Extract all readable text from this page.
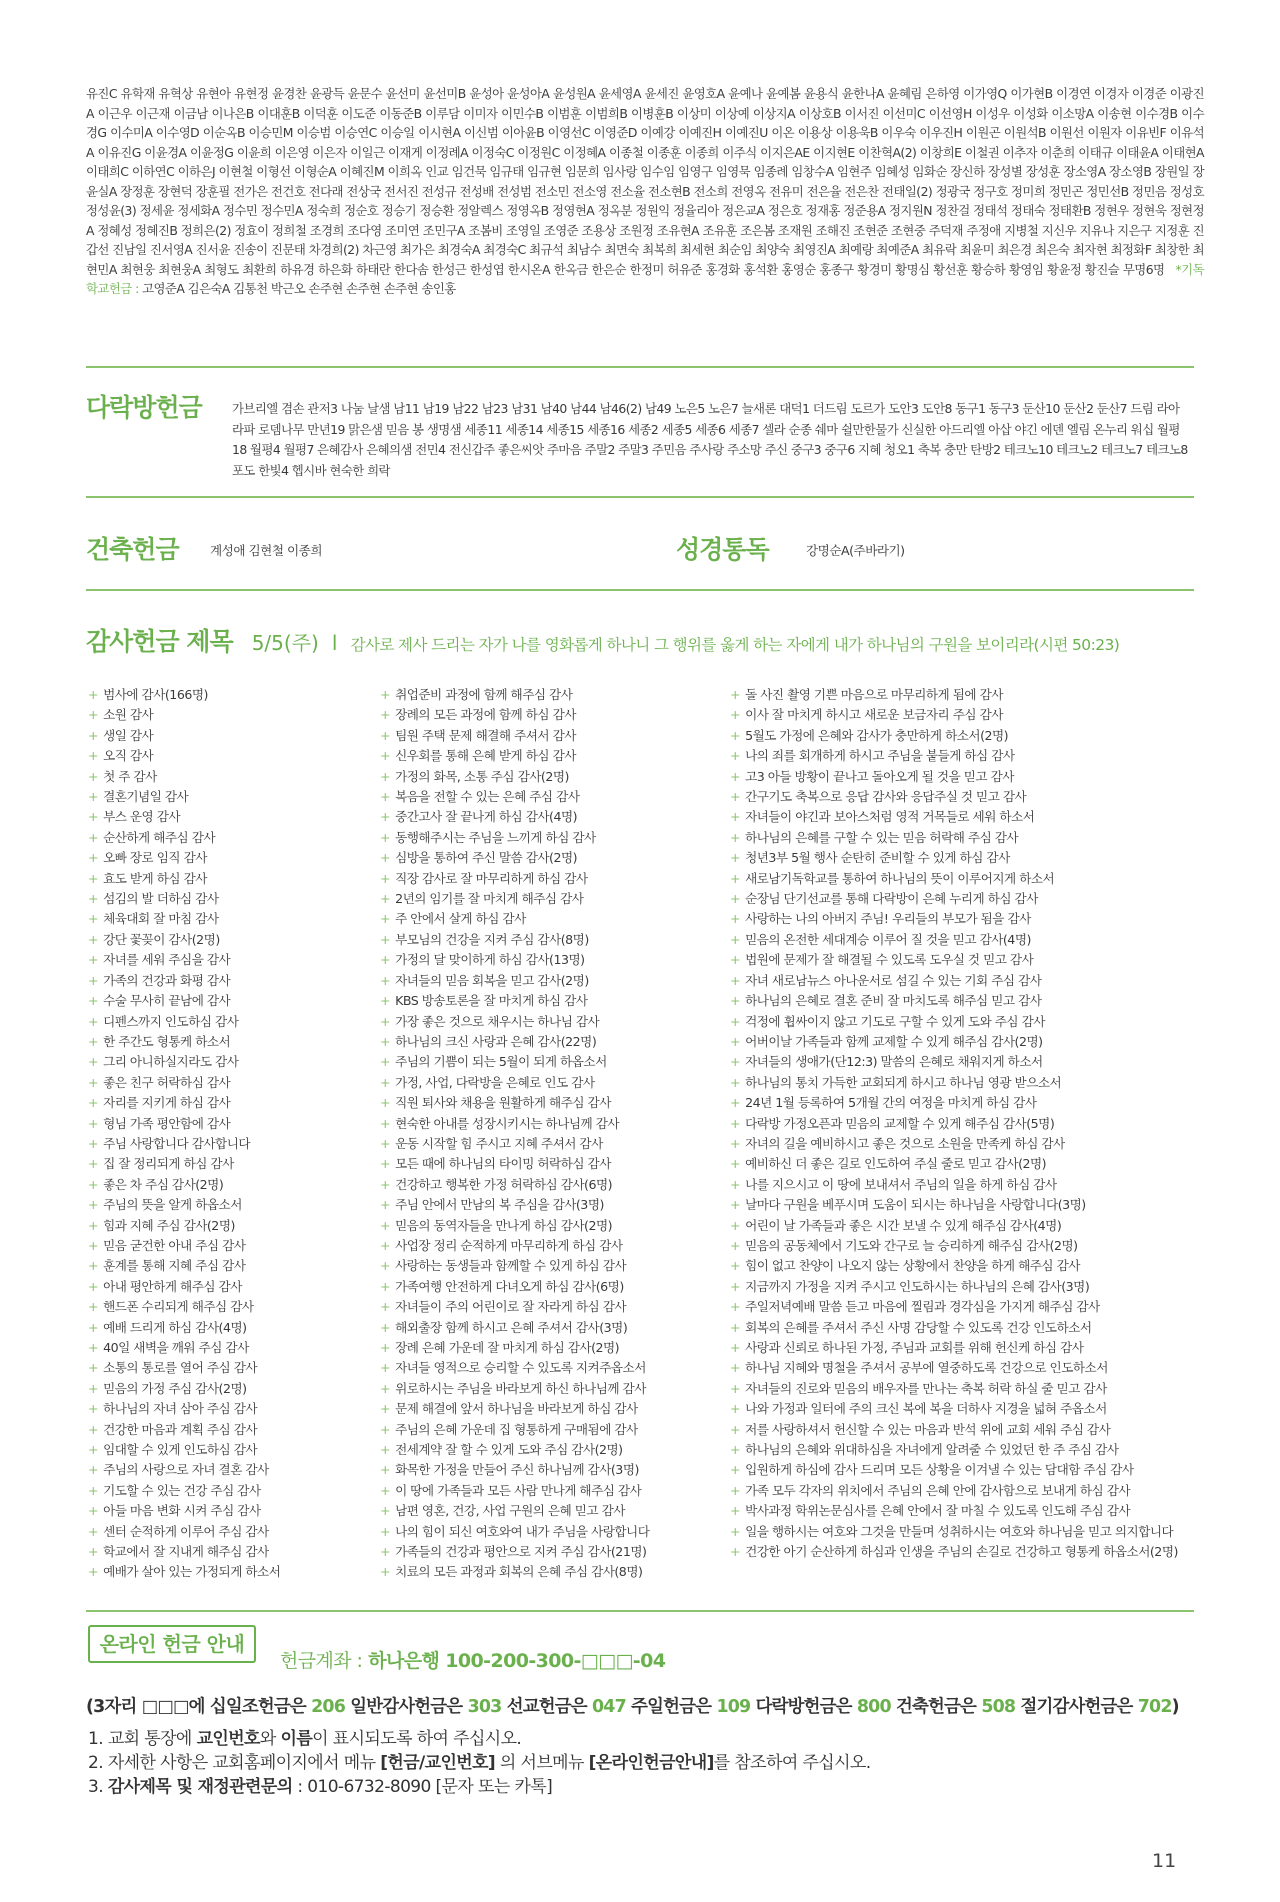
유진C 유학재 유혁상 유현아 유현정 윤경찬 윤광득 윤문수 윤선미 윤선미B 윤성아 윤성아A 윤성원A 윤세영A 윤세진 윤영호A 윤예나 윤예봄 윤용식 윤한나A 윤혜림 은하영 이가영Q 이가현B 이경연 이경자 이경준 이광진A 이근우 이근재 이금남 이나은B 이대훈B 이덕훈 이도준 이동준B 이루담 이미자 이민수B 이범훈 이범희B 이병훈B 이상미 이상예 이상지A 이상호B 이서진 이선미C 이선영H 이성우 이성화 이소망A 이송현 이수경B 이수경G 이수미A 이수영D 이순옥B 이승민M 이승범 이승연C 이승일 이시현A 이신범 이아윤B 이영선C 이영준D 이예강 이예진H 이예진U 이온 이용상 이용욱B 이우숙 이우진H 이원곤 이원석B 이원선 이원자 이유빈F 이유석A 이유진G 이윤경A 이윤정G 이윤희 이은영 이은자 이일근 이재게 이정례A 이정숙C 이정원C 이정혜A 이종철 이종훈 이종희 이주식 이지은AE 이지현E 이찬혁A(2) 이창희E 이철권 이추자 이춘희 이태규 이태윤A 이태현A 이태희C 이하연C 이하은J 이현철 이형선 이형순A 이혜진M 이희옥 인교 임건묵 임규태 임규현 임문희 임사랑 임수임 임영구 임영묵 임종례 임창수A 임현주 임혜성 임화순 장신하 장성별 장성훈 장소영A 장소영B 장원일 장윤실A 장정훈 장현덕 장훈필 전가은 전건호 전다래 전상국 전서진 전성규 전성배 전성범 전소민 전소영 전소율 전소현B 전소희 전영옥 전유미 전은율 전은찬 전태일(2) 정광국 정구호 정미희 정민곤 정민선B 정민음 정성호 정성윤(3) 정세윤 정세화A 정수민 정수민A 정숙희 정순호 정승기 정승환 정알렉스 정영옥B 정영현A 정옥분 정원익 정율리아 정은교A 정은호 정재홍 정준용A 정지원N 정찬걸 정태석 정태숙 정태환B 정현우 정현욱 정현정A 정혜성 정혜진B 정희은(2) 정효이 정희철 조경희 조다영 조미연 조민구A 조봄비 조영일 조영준 조용상 조원정 조유현A 조유훈 조은봄 조재원 조해진 조현준 조현중 주덕재 주정애 지병철 지신우 지유나 지은구 지정훈 진갑선 진남일 진서영A 진서윤 진송이 진문태 차경희(2) 차근영 최가은 최경숙A 최경숙C 최규석 최남수 최면숙 최복희 최세현 최순임 최양숙 최영진A 최예랑 최예준A 최유락 최윤미 최은경 최은숙 최자현 최정화F 최창한 최현민A 최현웅 최현웅A 최형도 최환희 하유경 하은화 하태란 한다솜 한성근 한성엽 한시온A 한옥금 한은순 한정미 허유준 홍경화 홍석환 홍영순 홍종구 황경미 황명심 황선훈 황승하 황영임 황윤정 황진슬 무명6명 *기독학교헌금 : 고영준A 김은숙A 김통천 박근오 손주현 손주현 손주현 송인홍
다락방헌금 가브리엘 겸손 관저3 나눔 날샘 남11 남19 남22 남23 남31 남40 남44 남46(2) 남49 노은5 노은7 늘새론 대덕1 더드림 도르가 도안3 도안8 동구1 동구3 둔산10 둔산2 둔산7 드림 라아 라파 로뎀나무 만년19 맑은샘 믿음 봉 생명샘 세종11 세종14 세종15 세종16 세종2 세종5 세종6 세종7 셀라 순종 쉐마 쉴만한물가 신실한 아드리엘 아삽 야긴 에덴 엘림 온누리 워십 월평18 월평4 월평7 은혜감사 은혜의샘 전민4 전신갑주 좋은씨앗 주마음 주말2 주말3 주민음 주사랑 주소망 주신 중구3 중구6 지혜 청오1 축복 충만 탄방2 테크노10 테크노2 테크노7 테크노8 포도 한빛4 헵시바 현숙한 희락
건축헌금 계성애 김현철 이종희	성경통독	강명순A(주바라기)
감사헌금 제목 5/5(주) l 감사로 제사 드리는 자가 나를 영화롭게 하나니 그 행위를 옳게 하는 자에게 내가 하나님의 구원을 보이리라(시편 50:23)
+ 범사에 감사(166명)
+ 소원 감사
+ 생일 감사
+ 오직 감사
+ 첫 주 감사
+ 결혼기념일 감사
+ 부스 운영 감사
+ 순산하게 해주심 감사
+ 오빠 장로 임직 감사
+ 효도 받게 하심 감사
+ 섬김의 발 더하심 감사
+ 체육대회 잘 마침 감사
+ 강단 꽃꽂이 감사(2명)
+ 자녀를 세워 주심을 감사
+ 가족의 건강과 화평 감사
+ 수술 무사히 끝남에 감사
+ 디펜스까지 인도하심 감사
+ 한 주간도 형통케 하소서
+ 그리 아니하실지라도 감사
+ 좋은 친구 허락하심 감사
+ 자리를 지키게 하심 감사
+ 형님 가족 평안함에 감사
+ 주님 사랑합니다 감사합니다
+ 집 잘 정리되게 하심 감사
+ 좋은 차 주심 감사(2명)
+ 주님의 뜻을 알게 하옵소서
+ 힘과 지혜 주심 감사(2명)
+ 믿음 굳건한 아내 주심 감사
+ 훈계를 통해 지혜 주심 감사
+ 아내 평안하게 해주심 감사
+ 핸드폰 수리되게 해주심 감사
+ 예배 드리게 하심 감사(4명)
+ 40일 새벽을 깨워 주심 감사
+ 소통의 통로를 열어 주심 감사
+ 믿음의 가정 주심 감사(2명)
+ 하나님의 자녀 삼아 주심 감사
+ 건강한 마음과 계획 주심 감사
+ 임대할 수 있게 인도하심 감사
+ 주님의 사랑으로 자녀 결혼 감사
+ 기도할 수 있는 건강 주심 감사
+ 아들 마음 변화 시켜 주심 감사
+ 센터 순적하게 이루어 주심 감사
+ 학교에서 잘 지내게 해주심 감사
+ 예배가 살아 있는 가정되게 하소서
+ 취업준비 과정에 함께 해주심 감사
+ 장례의 모든 과정에 함께 하심 감사
+ 팀원 주택 문제 해결해 주셔서 감사
+ 신우회를 통해 은혜 받게 하심 감사
+ 가정의 화목, 소통 주심 감사(2명)
+ 복음을 전할 수 있는 은혜 주심 감사
+ 중간고사 잘 끝나게 하심 감사(4명)
+ 동행해주시는 주님을 느끼게 하심 감사
+ 심방을 통하여 주신 말씀 감사(2명)
+ 직장 감사로 잘 마무리하게 하심 감사
+ 2년의 임기를 잘 마치게 해주심 감사
+ 주 안에서 살게 하심 감사
+ 부모님의 건강을 지켜 주심 감사(8명)
+ 가정의 달 맞이하게 하심 감사(13명)
+ 자녀들의 믿음 회복을 믿고 감사(2명)
+ KBS 방송토론을 잘 마치게 하심 감사
+ 가장 좋은 것으로 채우시는 하나님 감사
+ 하나님의 크신 사랑과 은혜 감사(22명)
+ 주님의 기쁨이 되는 5월이 되게 하옵소서
+ 가정, 사업, 다락방을 은혜로 인도 감사
+ 직원 퇴사와 채용을 원활하게 해주심 감사
+ 현숙한 아내를 성장시키시는 하나님께 감사
+ 운동 시작할 힘 주시고 지혜 주셔서 감사
+ 모든 때에 하나님의 타이밍 허락하심 감사
+ 건강하고 행복한 가정 허락하심 감사(6명)
+ 주님 안에서 만남의 복 주심을 감사(3명)
+ 믿음의 동역자들을 만나게 하심 감사(2명)
+ 사업장 정리 순적하게 마무리하게 하심 감사
+ 사랑하는 동생들과 함께할 수 있게 하심 감사
+ 가족여행 안전하게 다녀오게 하심 감사(6명)
+ 자녀들이 주의 어린이로 잘 자라게 하심 감사
+ 해외출장 함께 하시고 은혜 주셔서 감사(3명)
+ 장례 은혜 가운데 잘 마치게 하심 감사(2명)
+ 자녀들 영적으로 승리할 수 있도록 지켜주옵소서
+ 위로하시는 주님을 바라보게 하신 하나님께 감사
+ 문제 해결에 앞서 하나님을 바라보게 하심 감사
+ 주님의 은혜 가운데 집 형통하게 구매됨에 감사
+ 전세계약 잘 할 수 있게 도와 주심 감사(2명)
+ 화목한 가정을 만들어 주신 하나님께 감사(3명)
+ 이 땅에 가족들과 모든 사람 만나게 해주심 감사
+ 남편 영혼, 건강, 사업 구원의 은혜 믿고 감사
+ 나의 힘이 되신 여호와여 내가 주님을 사랑합니다
+ 가족들의 건강과 평안으로 지켜 주심 감사(21명)
+ 치료의 모든 과정과 회복의 은혜 주심 감사(8명)
+ 돌 사진 촬영 기쁜 마음으로 마무리하게 됨에 감사
+ 이사 잘 마치게 하시고 새로운 보금자리 주심 감사
+ 5월도 가정에 은혜와 감사가 충만하게 하소서(2명)
+ 나의 죄를 회개하게 하시고 주님을 붙들게 하심 감사
+ 고3 아들 방황이 끝나고 돌아오게 될 것을 믿고 감사
+ 간구기도 축복으로 응답 감사와 응답주실 것 믿고 감사
+ 자녀들이 야긴과 보아스처럼 영적 거목들로 세워 하소서
+ 하나님의 은혜를 구할 수 있는 믿음 허락해 주심 감사
+ 청년3부 5월 행사 순탄히 준비할 수 있게 하심 감사
+ 새로남기독학교를 통하여 하나님의 뜻이 이루어지게 하소서
+ 순장님 단기선교를 통해 다락방이 은혜 누리게 하심 감사
+ 사랑하는 나의 아버지 주님! 우리들의 부모가 됨을 감사
+ 믿음의 온전한 세대계승 이루어 질 것을 믿고 감사(4명)
+ 법원에 문제가 잘 해결될 수 있도록 도우실 것 믿고 감사
+ 자녀 새로남뉴스 아나운서로 섬길 수 있는 기회 주심 감사
+ 하나님의 은혜로 결혼 준비 잘 마치도록 해주심 믿고 감사
+ 걱정에 휩싸이지 않고 기도로 구할 수 있게 도와 주심 감사
+ 어버이날 가족들과 함께 교제할 수 있게 해주심 감사(2명)
+ 자녀들의 생애가(단12:3) 말씀의 은혜로 채워지게 하소서
+ 하나님의 통치 가득한 교회되게 하시고 하나님 영광 받으소서
+ 24년 1월 등록하여 5개월 간의 여정을 마치게 하심 감사
+ 다락방 가정오픈과 믿음의 교제할 수 있게 해주심 감사(5명)
+ 자녀의 길을 예비하시고 좋은 것으로 소원을 만족케 하심 감사
+ 예비하신 더 좋은 길로 인도하여 주실 줄로 믿고 감사(2명)
+ 나를 지으시고 이 땅에 보내셔서 주님의 일을 하게 하심 감사
+ 날마다 구원을 베푸시며 도움이 되시는 하나님을 사랑합니다(3명)
+ 어린이 날 가족들과 좋은 시간 보낼 수 있게 해주심 감사(4명)
+ 믿음의 공동체에서 기도와 간구로 늘 승리하게 해주심 감사(2명)
+ 힘이 없고 찬양이 나오지 않는 상황에서 찬양을 하게 해주심 감사
+ 지금까지 가정을 지켜 주시고 인도하시는 하나님의 은혜 감사(3명)
+ 주일저녁예배 말씀 듣고 마음에 찔림과 경각심을 가지게 해주심 감사
+ 회복의 은혜를 주셔서 주신 사명 감당할 수 있도록 건강 인도하소서
+ 사랑과 신뢰로 하나된 가정, 주님과 교회를 위해 헌신케 하심 감사
+ 하나님 지혜와 명철을 주셔서 공부에 열중하도록 건강으로 인도하소서
+ 자녀들의 진로와 믿음의 배우자를 만나는 축복 허락 하실 줄 믿고 감사
+ 나와 가정과 일터에 주의 크신 복에 복을 더하사 지경을 넓혀 주옵소서
+ 저를 사랑하셔서 헌신할 수 있는 마음과 반석 위에 교회 세워 주심 감사
+ 하나님의 은혜와 위대하심을 자녀에게 알려줄 수 있었던 한 주 주심 감사
+ 입원하게 하심에 감사 드리며 모든 상황을 이겨낼 수 있는 담대함 주심 감사
+ 가족 모두 각자의 위치에서 주님의 은혜 안에 감사함으로 보내게 하심 감사
+ 박사과정 학위논문심사를 은혜 안에서 잘 마칠 수 있도록 인도해 주심 감사
+ 일을 행하시는 여호와 그것을 만들며 성취하시는 여호와 하나님을 믿고 의지합니다
+ 건강한 아기 순산하게 하심과 인생을 주님의 손길로 건강하고 형통케 하옵소서(2명)
온라인 헌금 안내
헌금계좌 : 하나은행 100-200-300-□□□-04
(3자리 □□□에 십일조헌금은 206 일반감사헌금은 303 선교헌금은 047 주일헌금은 109 다락방헌금은 800 건축헌금은 508 절기감사헌금은 702)
1. 교회 통장에 교인번호와 이름이 표시되도록 하여 주십시오.
2. 자세한 사항은 교회홈페이지에서 메뉴 [헌금/교인번호] 의 서브메뉴 [온라인헌금안내]를 참조하여 주십시오.
3. 감사제목 및 재정관련문의 : 010-6732-8090 [문자 또는 카톡]
11
